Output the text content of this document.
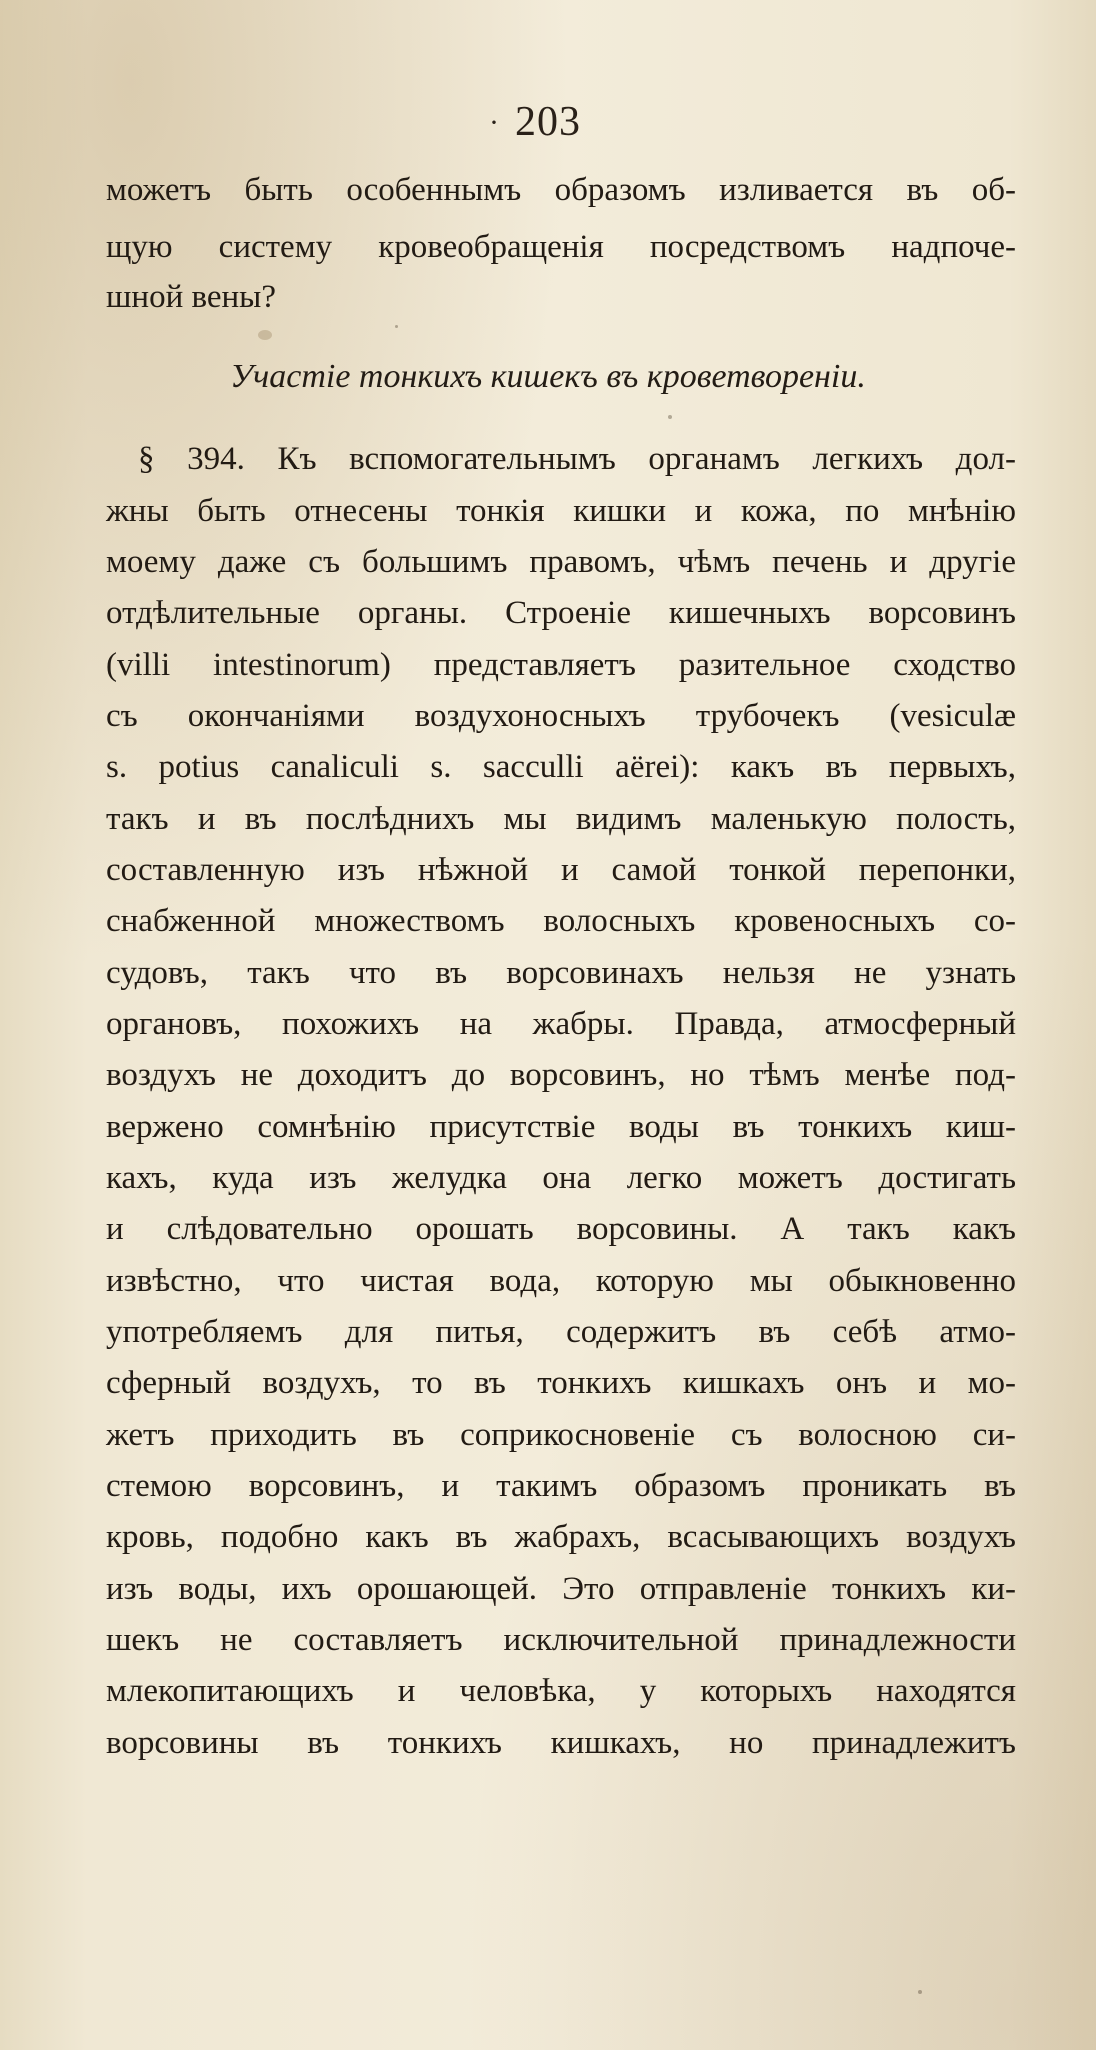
· 203
можетъ быть особеннымъ образомъ изливается въ об-
щую систему кровеобращенія посредствомъ надпоче-
шной вены?
Участіе тонкихъ кишекъ въ кроветвореніи.
§ 394. Къ вспомогательнымъ органамъ легкихъ дол-
жны быть отнесены тонкія кишки и кожа, по мнѣнію
моему даже съ большимъ правомъ, чѣмъ печень и другіе
отдѣлительные органы. Строеніе кишечныхъ ворсовинъ
(villi intestinorum) представляетъ разительное сходство
съ окончаніями воздухоносныхъ трубочекъ (vesiculæ
s. potius canaliculi s. sacculli aërei): какъ въ первыхъ,
такъ и въ послѣднихъ мы видимъ маленькую полость,
составленную изъ нѣжной и самой тонкой перепонки,
снабженной множествомъ волосныхъ кровеносныхъ со-
судовъ, такъ что въ ворсовинахъ нельзя не узнать
органовъ, похожихъ на жабры. Правда, атмосферный
воздухъ не доходитъ до ворсовинъ, но тѣмъ менѣе под-
вержено сомнѣнію присутствіе воды въ тонкихъ киш-
кахъ, куда изъ желудка она легко можетъ достигать
и слѣдовательно орошать ворсовины. А такъ какъ
извѣстно, что чистая вода, которую мы обыкновенно
употребляемъ для питья, содержитъ въ себѣ атмо-
сферный воздухъ, то въ тонкихъ кишкахъ онъ и мо-
жетъ приходить въ соприкосновеніе съ волосною си-
стемою ворсовинъ, и такимъ образомъ проникать въ
кровь, подобно какъ въ жабрахъ, всасывающихъ воздухъ
изъ воды, ихъ орошающей. Это отправленіе тонкихъ ки-
шекъ не составляетъ исключительной принадлежности
млекопитающихъ и человѣка, у которыхъ находятся
ворсовины въ тонкихъ кишкахъ, но принадлежитъ
